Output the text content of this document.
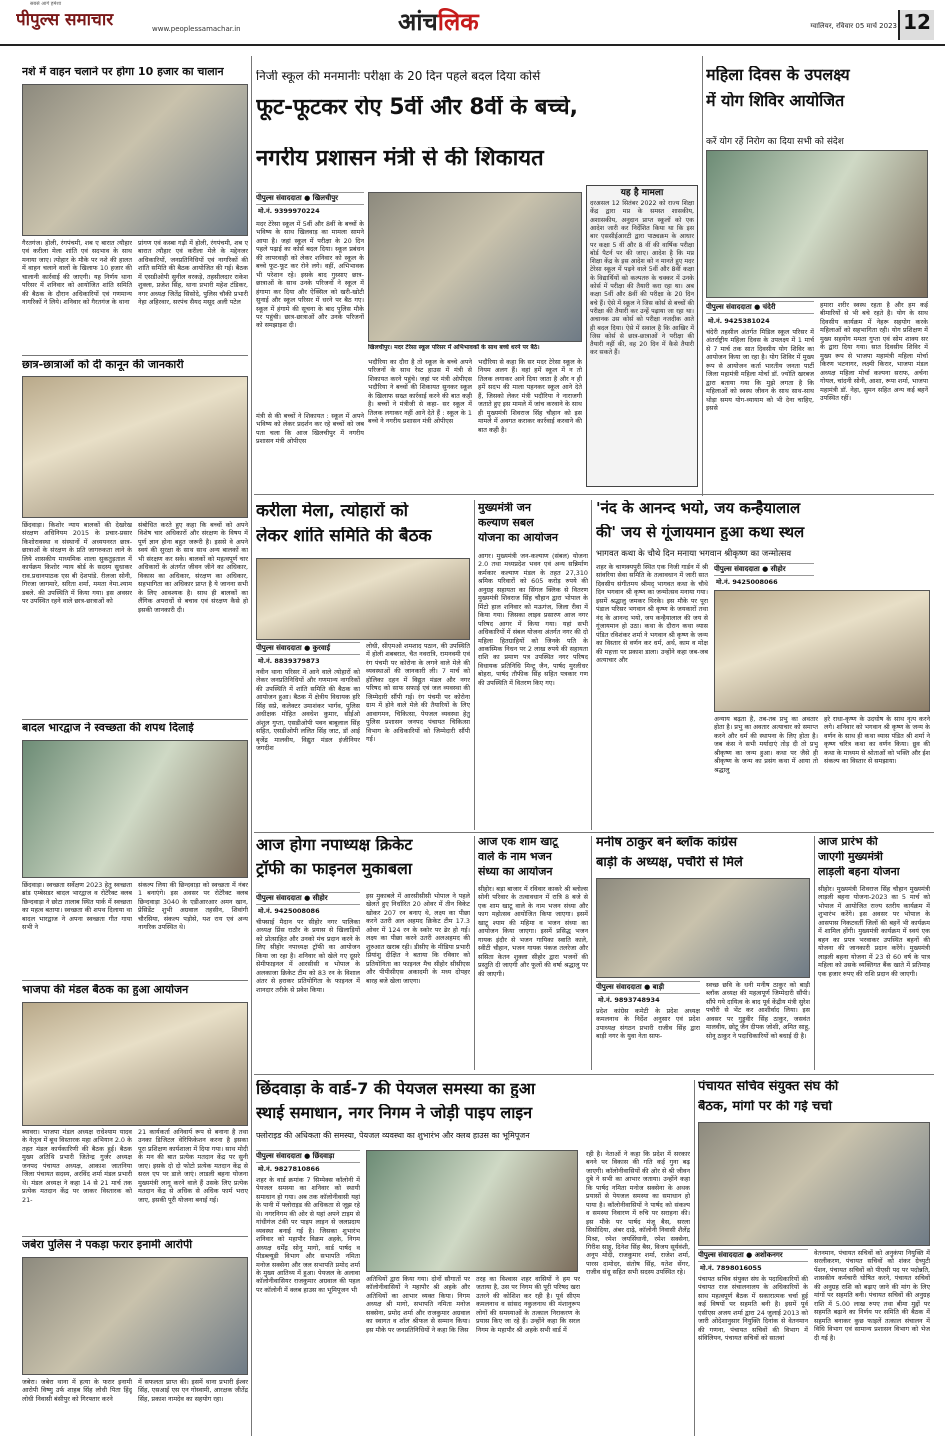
पीपुल्स समाचार
सबसे आगे हमेशा
www.peoplessamachar.in	आंचलिक	ग्वालियर, रविवार 05 मार्च 2023 12
नशे में वाहन चलाने पर होगा 10 हजार का चालान
गैरतगंज। होली, रंगपंचमी, शब ए बारात त्यौहार एवं करीला मेला शांति एवं सदभाव के साथ मनाया जाए। त्योहार के मौके पर नशे की हालत में वाहन चलाने वालों के खिलाफ 10 हजार की चालानी कार्रवाई की जाएगी। यह निर्णय थाना परिसर में शनिवार को आयोजित शांति समिति की बैठक के दौरान अधिकारियों एवं गणमान्य नागरिकों ने लिये। शनिवार को गैरतगंज के थाना
प्रांगण एवं कस्बा गढ़ी में होली, रंगपंचमी, शब ए बारात त्यौहार एवं करीला मेले के मद्देनजर अधिकारियों, जनप्रतिनिधियों एवं नागरिकों की शांति समिति की बैठक आयोजित की गई। बैठक में एसडीओपी सुनील वरकड़े, तहसीलदार राकेश शुक्ला, प्रजेश सिंह, थाना प्रभारी महेश टंडिकर, नगर अध्यक्ष जितेंद्र सिसोदे, पुलिस चौकी प्रभारी नेहा अहिरवार, सरपंच सैयद मसूद अली पटेल
छात्र-छात्राओं को दी कानून की जानकारी
छिंदवाड़ा। किशोर न्याय बालकों की देखरेख संरक्षण अधिनियम 2015 के प्रचार-प्रसार किशोरावस्था व संस्थानों में अध्ययनरत छात्र-छात्राओं के संरक्षण के प्रति जागरुकता लाने के लिये शासकीय माध्यमिक शाला सुकतुड़ताल में कार्यक्रम किशोर न्याय बोर्ड के सदस्य सुधाकर राव.प्रधानपाठक एस बी देशपांडे. रीलजा सोनी, गिरजा जागमारे, सरिता शर्मा, ममता नेमा.श्याम डबले. की उपस्थिति में किया गया। इस अवसर पर उपस्थित रहने वाले छात्र-छात्राओं को
संबोधित करते हुए कहा कि बच्चों को अपने विशेष चार अधिकारों और संरक्षण के विषय में पूर्ण ज्ञान होना बहुत जरूरी है। इससे वे अपने स्वयं की सुरक्षा के साथ साथ अन्य बालकों का भी संरक्षण कर सके। बालकों को महत्वपूर्ण चार अधिकारों के अंतर्गत जीवन जीने का अधिकार, विकास का अधिकार, संरक्षण का अधिकार, सहभागिता का अधिकार प्राप्त है ये जानना सभी के लिए आवश्यक है। साथ ही बालकों का लैंगिक अपराधों से बचाव एवं संरक्षण कैसे हो इसकी जानकारी दी।
बादल भारद्वाज ने स्वच्छता की शपथ दिलाई
छिंदवाड़ा। स्वच्छता सर्वेक्षण 2023 हेतु स्वच्छता ब्रांड एम्बेसडर बादल भारद्वाज व रोटेरैक्ट क्लब छिन्दवाड़ा ने छोटा तालाब स्थित पार्क में स्वच्छता का महत्व बताया। स्वच्छता की शपथ दिलाया था बादल भारद्वाज ने अपना स्वच्छता गीत गाया सभी ने
संकल्प लिया की छिन्दवाड़ा को स्वच्छता में नंबर 1 बनाएंगे। इस अवसर पर रोटेरैक्ट क्लब छिन्दवाड़ा 3040 के एडीआरआर अमन खान, प्रेसिडेंट शुभी अग्रवाल तहसीन, शिवांगी चौरसिया, संकल्प पड़ोसे, यश राय एवं अन्य नागरिक उपस्थित थे।
भाजपा की मंडल बैठक का हुआ आयोजन
ब्यावरा। भाजपा मंडल अध्यक्ष राधेश्याम यादव के नेतृत्व में बूथ विस्तारक महा अभियान 2.0 के तहत मंडल कार्यकारिणी की बैठक हुई। बैठक मुख्य अतिथि प्रभारी जितेन्द्र गुर्जर अध्यक्ष जनपद पंचायत अध्यक्ष, आकाश जातनिया जिला पंचायत सदस्य, अरविंद शर्मा मंडल प्रभारी थे। मंडल अध्यक्ष ने कहा 14 से 21 मार्च तक प्रत्येक मतदान केंद्र पर जाकर विस्तारक को 21-
21 कार्यकर्ता अनिवार्य रूप से बनाना है तथा उनका डिजिटल वेरिफिकेशन करना है इसका पूरा प्रशिक्षण कार्यशाला में दिया गया। साथ मोदी के मन की बात प्रत्येक मतदान केंद्र पर सुनी जाए। इसके दो दो फोटो प्रत्येक मतदान केंद्र से सरल एप पर डाले जाएं। लाडली बहना योजना मुख्यमंत्री लागू करने वाले हैं उसके लिए प्रत्येक मतदान केंद्र से अधिक से अधिक फार्म भराए जाए, इसकी पूरी योजना बनाई गई।
जबेरा पुलिस ने पकड़ा फरार इनामी आरोपी
जबेरा। जबेरा थाना में हत्या के फरार इनामी आरोपी विष्णु उर्फ शाहब सिंह लोधी पिता हिंदू लोधी निवासी बंसीपुर को गिरफ्तार करने
में सफलता प्राप्त की। इसमें थाना प्रभारी ईश्वर सिंह, एसआई एस एन गोस्वामी, आरक्षक जीतेंद्र सिंह, प्रकाश नामदेव का सहयोग रहा।
निजी स्कूल की मनमानीः परीक्षा के 20 दिन पहले बदल दिया कोर्स
फूट-फूटकर रोए 5वीं और 8वीं के बच्चे,
नगरीय प्रशासन मंत्री से की शिकायत
पीपुल्स संवाददाता ● खिलचीपुर
मो.नं. 9399970224
मदर टेरेसा स्कूल में 5वीं और 8वीं के बच्चों के भविष्य के साथ खिलवाड़ का मामला सामने आया है। जहां स्कूल में परीक्षा के 20 दिन पहले पढ़ाई का कोर्स बदल दिया। स्कूल प्रबंधन की लापरवाही को लेकर शनिवार को स्कूल के बच्चे फूट-फूट कर रोने लगे। वहीं, अभिभावक भी परेशान रहे। इसके बाद गुस्साए छात्र-छात्राओं के साथ उनके परिजनों ने स्कूल में हंगामा कर दिया और ऐक्सिल को खरी-खोटी सुनाई और स्कूल परिसर में धरने पर बैठ गए। स्कूल में हंगामे की सूचना के बाद पुलिस मौके पर पहुंची। छात्र-छात्राओं और उनके परिजनों को समझाइश दी।
मंत्री से की बच्चों ने शिकायत : स्कूल में अपने भविष्य को लेकर प्रदर्शन कर रहे बच्चों को जब पता चला कि आज खिलचीपुर में नगरीय प्रशासन मंत्री ओपीएस
खिलचीपुर। मदर टेरेसा स्कूल परिसर में अभिभावकों के साथ बच्चे धरने पर बैठे।
भदौरिया का दौरा है तो स्कूल के बच्चे अपने परिजनों के साथ रेस्ट हाउस में मंत्री से शिकायत करने पहुंचे। जहां पर मंत्री ओपीएस भदौरिया ने बच्चों की शिकायत सुनकर स्कूल के खिलाफ सख्त कार्रवाई करने की बात कही है। बच्चों ने मंत्रीजी से कहा- सर स्कूल में तिलक लगाकर नहीं आने देते हैं : स्कूल के 1 बच्चे ने नगरीय प्रशासन मंत्री ओपीएस
भदौरिया से कहा कि सर मदर टेरेसा स्कूल के नियम अलग हैं। वहां हमें स्कूल में न तो तिलक लगाकर आने दिया जाता है और न ही हमें सदभ की माला पहनकर स्कूल आने देते हैं, जिसको लेकर मंत्री भदौरिया ने नाराजगी जताते हुए इस मामले में जांच करवाने के साथ ही मुख्यमंत्री शिवराज सिंह चौहान को इस मामले में अवगत कराकर कार्रवाई करवाने की बात कही है।
यह है मामला
दरअसल 12 सितंबर 2022 को राज्य शिक्षा केंद्र द्वारा मप्र के समस्त शासकीय, अशासकीय, अनुदान प्राप्त स्कूलों को एक आदेश जारी कर निर्देशित किया था कि इस बार एससीईआरटी द्वारा पाठ्यक्रम के आधार पर कक्षा 5 वीं और 8 वीं की वार्षिक परीक्षा बोर्ड पैटर्न पर की जाए। आदेश है कि मप्र शिक्षा केंद्र के इस आदेश को न मानते हुए मदर टेरेसा स्कूल में पढ़ने वाले 5वीं और 8वीं कक्षा के विद्यार्थियों को कल्पतरु के चक्कर में उनके कोर्स में परीक्षा की तैयारी करा रहा था। अब कक्षा 5वीं और 8वीं की परीक्षा के 20 दिन बचे हैं। ऐसे में स्कूल ने जिस कोर्स से बच्चों की परीक्षा की तैयारी कर उन्हें पढ़ाया जा रहा था। अचानक उस कोर्स को परीक्षा नजदीक आते ही बदल दिया। ऐसे में सवाल है कि आखिर में जिस कोर्स से छात्र-छात्राओं ने परीक्षा की तैयारी नहीं की, वह 20 दिन में कैसे तैयारी कर सकते हैं।
महिला दिवस के उपलक्ष्य
में योग शिविर आयोजित
करें योग रहें निरोग का दिया सभी को संदेश
पीपुल्स संवाददाता ● चंदेरी
मो.नं. 9425381024
चंदेरी तहसील अंतर्गत मिडिल स्कूल परिसर में अंतर्राष्ट्रीय महिला दिवस के उपलक्ष्य में 1 मार्च से 7 मार्च तक सात दिवसीय योग शिविर का आयोजन किया जा रहा है। योग शिविर में मुख्य रूप से आयोजन कर्ता भारतीय जनता पार्टी जिला महामंत्री महिला मोर्चा डॉ. ज्योति खरबज द्वारा बताया गया कि मुझे लगता है कि महिलाओं को स्वस्थ जीवन के साथ साथ-साथ थोड़ा समय योग-व्यायाम को भी देना चाहिए, इससे
हमारा शरीर स्वस्थ रहता है और हम कई बीमारियों से भी बचे रहते है। योग के साथ दिवसीय कार्यक्रम में नेहरू सहयोग करके महिलाओं को सहभागिता रही। योग प्रशिक्षण में मुख्य सहयोग ममता गुप्ता एवं सोम शाक्य सर के द्वारा दिया गया। सात दिवसीय शिविर में मुख्य रूप से भाजपा महामंत्री महिला मोर्चा किरण भटनागर, लक्ष्मी किरार, भाजपा मंडल अध्यक्ष महिला मोर्चा कल्पना सराफ, अर्चना गोयल, चांदनी सोनी, आशा, रूपा शर्मा, भाजपा महामंत्री डॉ. नेहा, सुमन सहित अन्य कई बहनें उपस्थित रहीं।
करीला मेला, त्योहारों को
लेकर शांति समिति की बैठक
पीपुल्स संवाददाता ● कुरवाई
मो.नं. 8839379873
नवीन थाना परिसर में आने वाले त्योहारों को लेकर जनप्रतिनिधियों और गणमान्य नागरिकों की उपस्थिति में शांति समिति की बैठक का आयोजन हुआ। बैठक में क्षेत्रीय विधायक हरि सिंह सप्रे, कलेक्टर उमाशंकर भार्गव, पुलिस अधीक्षक मोहित अवधेश कुमार, सीईओ अंशुल गुप्ता, एसडीओपी पवन बाबूलाल सिंह सहित, एसडीओपी ललित सिंह जाट, डॉ आई बृजेंद्र मालवीय, विद्युत मंडल इंजीनियर जगदीश
लोधी, सीएमओ शमशाद पठान, की उपस्थिति में होली शबबरात, चैत नवरात्रि, रामनवमी एवं रंग पंचमी पर कोरोना के लगने वाले मेले की व्यवस्थाओं की जानकारी ली। 7 मार्च को होलिका दहन में विद्युत मंडल और नगर परिषद को साफ सफाई एवं जल व्यवस्था की जिम्मेदारी सौंपी गई। रंग पंचमी पर कोरोना ग्राम में होने वाले मेले की तैयारियों के लिए आवागमन, चिकित्सा, पेयजल व्यवस्था हेतु पुलिस प्रशासन जनपद पंचायत चिकित्सा विभाग के अधिकारियों को जिम्मेदारी सौंपी गई।
मुख्यमंत्री जन
कल्याण सबल
योजना का आयोजन
आगर। मुख्यमंत्री जन-कल्याण (संबल) योजना 2.0 तथा मध्यप्रदेश भवन एवं अन्य सन्निर्माण कर्मकार कल्याण मंडल के तहत 27,310 श्रमिक परिवारों को 605 करोड़ रुपये की अनुग्रह सहायता का सिंगल क्लिक से वितरण मुख्यमंत्री शिवराज सिंह चौहान द्वारा भोपाल के मिंटो हाल शनिवार को मऊगंज, जिला रीवा में किया गया। जिसका लाइव प्रसारण आज नगर परिषद आगर में किया गया। यहां सभी अधिकारियों में संबल योजना अंतर्गत नगर की दो महिला हितग्राहियों को जिनके पति के आकस्मिक निधन पर 2 लाख रुपये की सहायता राशि का प्रमाण पत्र उपस्थित नगर परिषद विधायक प्रतिनिधि मिन्टू जैन, पार्षद मुरलीधर बोहरा, पार्षद तौफीक सिंह सहित पत्रकार गण की उपस्थिति में वितरण किए गए।
'नंद के आनन्द भयो, जय कन्हैयालाल
की' जय से गूंजायमान हुआ कथा स्थल
भागवत कथा के चौथे दिन मनाया भगवान श्रीकृष्ण का जन्मोत्सव
पीपुल्स संवाददाता ● सीहोर
मो.नं. 9425008066
शहर के चाणक्यपुरी स्थित एक निजी गार्डन में श्री सांवरिया सेवा समिति के तत्वावधान में जारी सात दिवसीय संगीतमय श्रीमद् भागवत कथा के चौथे दिन भगवान श्री कृष्ण का जन्मोत्सव मनाया गया। इसमें श्रद्धालु जमकर थिरके। इस मौके पर पूरा पंडाल परिसर भगवान श्री कृष्ण के जयकारों तथा नंद के आनन्द भयो, जय कन्हैयालाल की जय से गूंजायमान हो उठा। कथा के दौरान कथा व्यास पंडित रविशंकर शर्मा ने भगवान श्री कृष्ण के जन्म का विस्तार से वर्णन कर धर्म, अर्थ, काम व मोक्ष की महत्ता पर प्रकाश डाला। उन्होंने कहा जब-जब अत्याचार और
अन्याय बढ़ता है, तब-तब प्रभु का अवतार होता है। प्रभु का अवतार अत्याचार को समाप्त करने और धर्म की स्थापना के लिए होता है। जब कंस ने सभी मर्यादाएं तोड़ दी तो प्रभु श्रीकृष्ण का जन्म हुआ। कथा पर जैसे ही श्रीकृष्ण के जन्म का प्रसंग कथा में आया तो श्रद्धालु
हरे राधा-कृष्ण के उदघोष के साथ नृत्य करने लगे। शनिवार को भगवान श्री कृष्ण के जन्म के वर्णन के साथ ही कथा व्यास पंडित श्री शर्मा ने कृष्ण चरित्र कथा का वर्णन किया। ध्रुव की कथा के माध्यम से श्रोताओं को भक्ति और ईश संकल्प का विस्तार से समझाया।
आज होगा नपाध्यक्ष क्रिकेट
ट्रॉफी का फाइनल मुकाबला
पीपुल्स संवाददाता ● सीहोर
मो.नं. 9425008086
चीफ्साई मैदान पर सीहोर नगर पालिका अध्यक्ष प्रिंस राठौर के प्रयास से खिलाड़ियों को प्रोत्साहित और उनको मंच प्रदान करने के लिए सीहोर नपाध्यक्ष ट्रॉफी का आयोजन किया जा रहा है। शनिवार को खेले गए दूसरे सेमीफाइनल में आरसीसी व भोपाल के अलकाजा क्रिकेट टीम को 83 रन के विशाल अंतर से हराकर प्रतियोगिता के फाइनल में शानदार तरीके से प्रवेश किया।
इस मुकाबले में आरसीसीसी भोपाल ने पहले खेलते हुए निर्धारित 20 ओवर में तीन विकेट खोकर 207 रन बनाए थे, लक्ष्य का पीछा करने उतरी अल अहमद क्रिकेट टीम 17.3 ओवर में 124 रन के स्कोर पर ढेर हो गई। लक्ष्य का पीछा करने उतरी अलअहमद की शुरुआत खराब रही। डीसीए के मीडिया प्रभारी प्रियांशु दीक्षित ने बताया कि रविवार को प्रतियोगिता का फाइनल मैच सीहोर सीसीएस और पीपीसीएस अकादमी के मध्य दोपहर बारह बजे खेला जाएगा।
आज एक शाम खाटू
वाले के नाम भजन
संध्या का आयोजन
सीहोर। बड़ा बाजार में रविवार काकरे श्री ब्लोल्स सोनी परिवार के तत्वावधान में रात्रि 8 बजे से एक शाम खाटू वाले के नाम भजन संध्या और फाग महोत्सव आयोजित किया जाएगा। इसमें खाटू श्याम की महिमा व भजन संध्या का आयोजन किया जाएगा। इसमें प्रसिद्ध भजन गायक इंदौर से भजन गायिका स्वाति काले, स्वीटी चौहान, भजन गायक पंकज तलरेजा और ससिता केतन शुक्ला सीहोर द्वारा भजनों की प्रस्तुति दी जाएगी और फूलों की वर्षा श्रद्धालु पर की जाएगी।
मनीष ठाकुर बने ब्लॉक कांग्रेस
बाड़ी के अध्यक्ष, पचौरी से मिले
पीपुल्स संवाददाता ● बाड़ी
मो.नं. 9893748934
प्रदेश कांग्रेस कमेटी के प्रदेश अध्यक्ष कमलनाथ के निर्देश अनुसार एवं प्रदेश उपाध्यक्ष संगठन प्रभारी राजीव सिंह द्वारा बाड़ी नगर के युवा नेता साफ-
स्वच्छ छवि के धनी मनीष ठाकुर को बाड़ी ब्लॉक अध्यक्ष की महत्वपूर्ण जिम्मेदारी सौंपी। सौंपे गये दायित्व के बाद पूर्व केंद्रीय मंत्री सुरेश पचौरी से भेंट कर आशीर्वाद लिया। इस अवसर पर गुड्डवीर सिंह ठाकुर, जसवंत मालवीय, छोटू जैन दीपक जोशी, अमित साहू, सोनू ठाकुर ने पदाधिकारियों को बधाई दी है।
आज प्रारंभ की
जाएगी मुख्यमंत्री
लाड़ली बहना योजना
सीहोर। मुख्यमंत्री शिवराज सिंह चौहान मुख्यमंत्री लाड़ली बहना योजना-2023 का 5 मार्च को भोपाल में आयोजित राज्य स्तरीय कार्यक्रम में शुभारंभ करेंगे। इस अवसर पर भोपाल के आसपास निकटवर्ती जिलों की बहनें भी कार्यक्रम में शामिल होंगी। मुख्यमंत्री कार्यक्रम में स्वयं एक बहन का प्रपत्र भरवाकर उपस्थित बहनों की योजना की जानकारी प्रदान करेंगे। मुख्यमंत्री लाड़ली बहना योजना में 23 से 60 वर्ष के पात्र महिला को उसके व्यक्तिगत बैंक खाते में प्रतिमाह एक हजार रुपए की राशि प्रदान की जाएगी।
छिंदवाड़ा के वार्ड-7 की पेयजल समस्या का हुआ
स्थाई समाधान, नगर निगम ने जोड़ी पाइप लाइन
फ्लोराइड की अधिकता की समस्या, पेयजल व्यवस्था का शुभारंभ और क्लब हाउस का भूमिपूजन
पीपुल्स संवाददाता ● छिंदवाड़ा
मो.नं. 9827810866
शहर के वार्ड क्रमांक 7 सिम्पेक्स कॉलोनी में पेयजल समस्या का शनिवार को स्थायी समाधान हो गया। अब तक कॉलोनीवासी यहां के पानी में फ्लोराइड की अधिकता से जूझ रहे थे। नगरनिगम की ओर से यहां अपने टाइम से गांधीगंज टंकी पर पाइप लाइन से जलप्रदाय व्यवस्था बनाई गई है। जिसका शुभारंभ शनिवार को महापौर विक्रम अहके, निगम अध्यक्ष धर्मेंद्र सोनू मागो, वार्ड पार्षद व पीडब्ल्यूडी विभाग और सभापति नमिता मनोज सक्सेना और जल सभापति प्रमोद शर्मा के मुख्य आतिथ्य में हुआ। पेयजल के अलावा कॉलोनीवासियर राजकुमार अग्रवाल की पहल पर कॉलोनी में क्लब हाउस का भूमिपूजन भी
अतिथियों द्वारा किया गया। दोनों सौगातों पर कॉलोनीवासियों ने महापौर श्री अहके और अतिथियों का आभार व्यक्त किया। निगम अध्यक्ष श्री मागो, सभापति नमिता मनोज सक्सेना, प्रमोद शर्मा और राजकुमार अग्रवाल का स्वागत व शॉल श्रीफल से सम्मान किया। इस मौके पर जनप्रतिनिधियों ने कहा कि जिस
तरह का विश्वास शहर वासियों ने हम पर जताया है, उस पर निगम की पूरी परिषद खरा उतरने की कोशिश कर रही है। पूर्व सीएम कमलनाथ व सांसद नकुलनाथ की मंशानुरूप लोगों की समस्याओं के तत्काल निराकरण के प्रयास किए जा रहे हैं। उन्होंने कहा कि सरल निगम के महापौर श्री अहके सभी वार्ड में
रही है। नेताओं ने कहा कि प्रदेश में सरकार बनने पर विकास की गति कई गुना बढ़ जाएगी। कॉलोनीवासियों की ओर से श्री जीवन दुबे ने सभी का आभार जताया। उन्होंने कहा कि पार्षद नमिता मनोज सक्सेना के अथक प्रयासों से पेयजल समस्या का समाधान हो पाया है। कॉलोनीवासियों ने पार्षद को संकल्प व समस्या निवारण में रुचि पर सराहना की। इस मौके पर पार्षद मंजू बैस, सरला सिसोदिया, अंबर दाढ़े, कॉलोनी निवासी शैलेंद्र मिश्रा, रमेश जयसिंघानी, रमेश सक्सेना, गिरीश साहू, दिनेश सिंह बैस, विजय सूर्यवंशी, अनूप मोदी, राजकुमार शर्मा, राजेश शर्मा, पारस दामोदर, संतोष सिंह, यतेश सेंगर, राजीव संधू सहित सभी सदस्य उपस्थित रहे।
पंचायत सचिव संयुक्त संघ की
बैठक, मांगों पर की गई चर्चा
पीपुल्स संवाददाता ● अशोकनगर
मो.नं. 7898016055
पंचायत सचिव संयुक्त संघ के पदाधिकारियों की पंचायत राज संचालनालय के अधिकारियों के साथ महत्वपूर्ण बैठक में सकारात्मक चर्चा हुई कई विषयों पर सहमति बनी है। इसमें पूर्व एसीएस अजय शर्मा द्वारा 24 जुलाई 2013 को जारी ओदेशानुसार नियुक्ति दिनांक से वेतनमान की गणना, पंचायत सचिवों की विभाग में संविलियन, पंचायत सचिवों को सातवां
वेतनमान, पंचायत सचिवों को अनुकंपा नियुक्ति में सरलीकरण, पंचायत सचिवों को शंकर ग्रेच्युटी पेंशन, पंचायत सचिवों को पीएसी पद पर पदोन्नति, शासकीय कर्मचारी घोषित करने, पंचायत सचिवों की अनुग्रह राशि को बढ़ाए जाने की मांग के लिए मांगों पर सहमति बनी। पंचायत सचिवों की अनुग्रह राशि में 5.00 लाख रुपए तथा बीमा मुद्दों पर सहमति बढ़ाने का निर्णय पर समिति की बैठक में सहमति बनाकर कुछ फाइलें तत्काल संचालन में विधि विभाग एवं सामान्य प्रशासन विभाग को भेज दी गई है।
